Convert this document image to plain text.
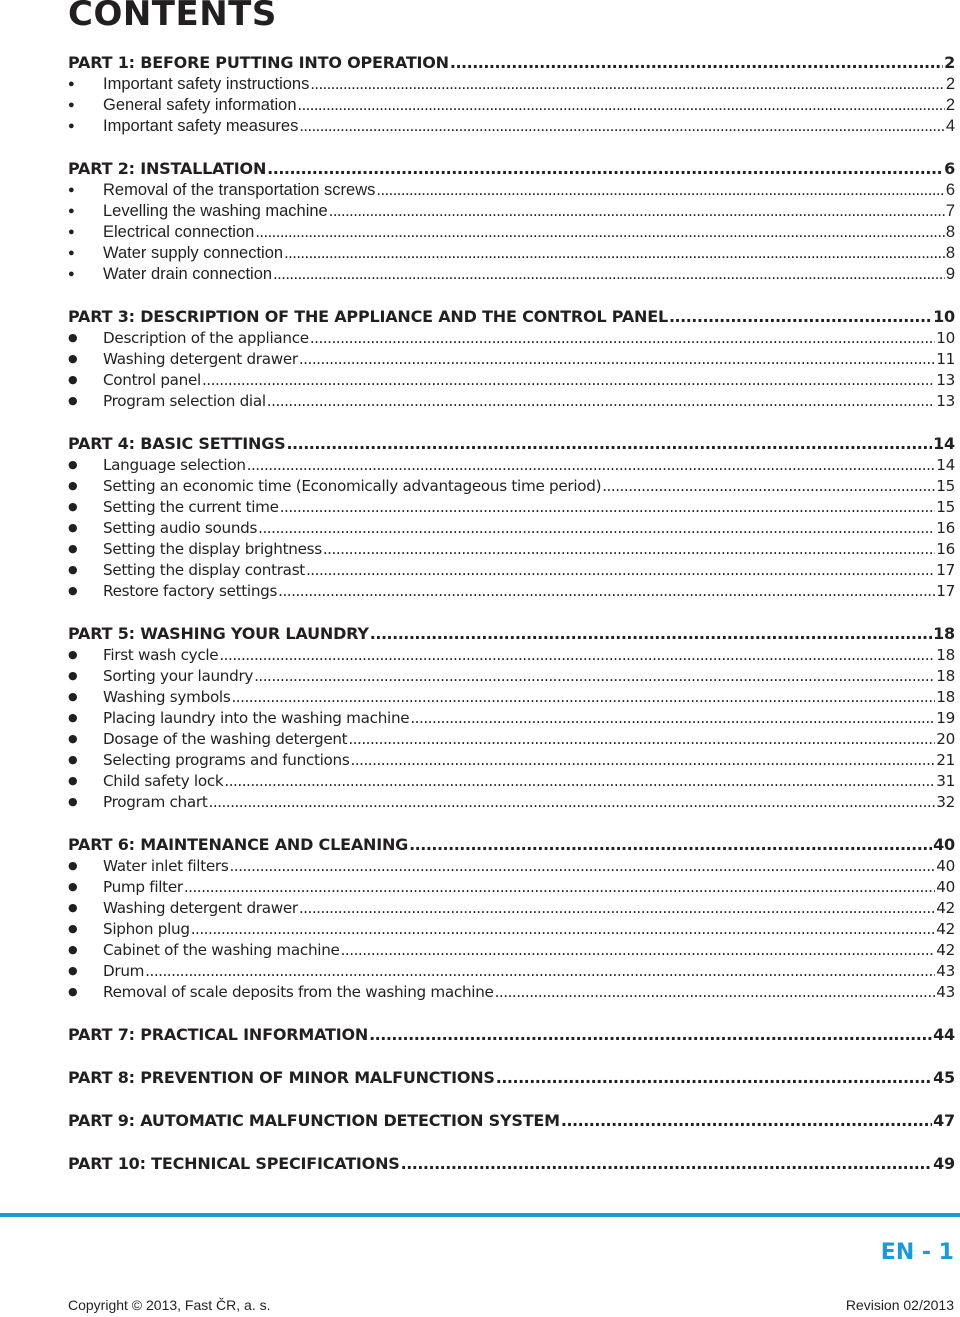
CONTENTS
PART 1: BEFORE PUTTING INTO OPERATION .....	2
●	Important safety instructions .....	2
●	General safety information .....	2
●	Important safety measures .....	4
PART 2: INSTALLATION .....	6
●	Removal of the transportation screws .....	6
●	Levelling the washing machine .....	7
●	Electrical connection .....	8
●	Water supply connection .....	8
●	Water drain connection .....	9
PART 3: DESCRIPTION OF THE APPLIANCE AND THE CONTROL PANEL .....	10
●	Description of the appliance .....	10
●	Washing detergent drawer .....	11
●	Control panel .....	13
●	Program selection dial .....	13
PART 4: BASIC SETTINGS .....	14
●	Language selection .....	14
●	Setting an economic time (Economically advantageous time period) .....	15
●	Setting the current time .....	15
●	Setting audio sounds .....	16
●	Setting the display brightness .....	16
●	Setting the display contrast .....	17
●	Restore factory settings .....	17
PART 5: WASHING YOUR LAUNDRY .....	18
●	First wash cycle .....	18
●	Sorting your laundry .....	18
●	Washing symbols .....	18
●	Placing laundry into the washing machine .....	19
●	Dosage of the washing detergent .....	20
●	Selecting programs and functions .....	21
●	Child safety lock .....	31
●	Program chart .....	32
PART 6: MAINTENANCE AND CLEANING .....	40
●	Water inlet filters .....	40
●	Pump filter .....	40
●	Washing detergent drawer .....	42
●	Siphon plug .....	42
●	Cabinet of the washing machine .....	42
●	Drum .....	43
●	Removal of scale deposits from the washing machine .....	43
PART 7: PRACTICAL INFORMATION .....	44
PART 8: PREVENTION OF MINOR MALFUNCTIONS .....	45
PART 9: AUTOMATIC MALFUNCTION DETECTION SYSTEM .....	47
PART 10: TECHNICAL SPECIFICATIONS .....	49
EN - 1
Copyright © 2013, Fast ČR, a. s.	Revision 02/2013
